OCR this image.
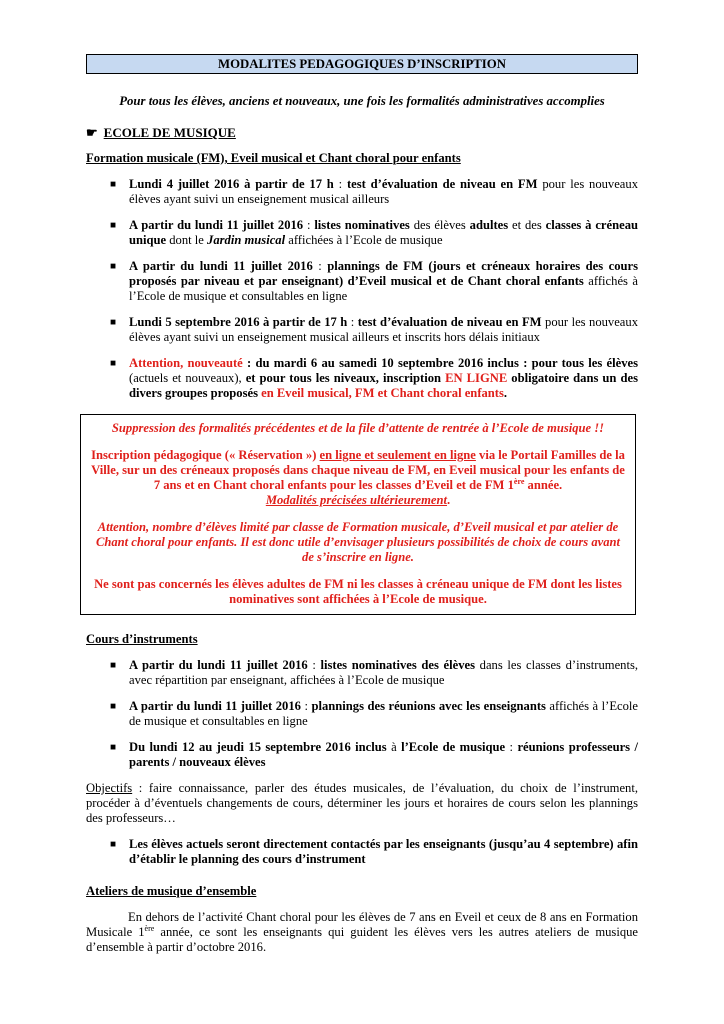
MODALITES PEDAGOGIQUES D’INSCRIPTION
Pour tous les élèves, anciens et nouveaux, une fois les formalités administratives accomplies
☛ ECOLE DE MUSIQUE
Formation musicale (FM), Eveil musical et Chant choral pour enfants
■ Lundi 4 juillet 2016 à partir de 17 h : test d’évaluation de niveau en FM pour les nouveaux élèves ayant suivi un enseignement musical ailleurs
■ A partir du lundi 11 juillet 2016 : listes nominatives des élèves adultes et des classes à créneau unique dont le Jardin musical affichées à l’Ecole de musique
■ A partir du lundi 11 juillet 2016 : plannings de FM (jours et créneaux horaires des cours proposés par niveau et par enseignant) d’Eveil musical et de Chant choral enfants affichés à l’Ecole de musique et consultables en ligne
■ Lundi 5 septembre 2016 à partir de 17 h : test d’évaluation de niveau en FM pour les nouveaux élèves ayant suivi un enseignement musical ailleurs et inscrits hors délais initiaux
■ Attention, nouveauté : du mardi 6 au samedi 10 septembre 2016 inclus : pour tous les élèves (actuels et nouveaux), et pour tous les niveaux, inscription EN LIGNE obligatoire dans un des divers groupes proposés en Eveil musical, FM et Chant choral enfants.

Suppression des formalités précédentes et de la file d’attente de rentrée à l’Ecole de musique !!

Inscription pédagogique (« Réservation ») en ligne et seulement en ligne via le Portail Familles de la Ville, sur un des créneaux proposés dans chaque niveau de FM, en Eveil musical pour les enfants de 7 ans et en Chant choral enfants pour les classes d’Eveil et de FM 1ère année.
Modalités précisées ultérieurement.

Attention, nombre d’élèves limité par classe de Formation musicale, d’Eveil musical et par atelier de Chant choral pour enfants. Il est donc utile d’envisager plusieurs possibilités de choix de cours avant de s’inscrire en ligne.

Ne sont pas concernés les élèves adultes de FM ni les classes à créneau unique de FM dont les listes nominatives sont affichées à l’Ecole de musique.

Cours d’instruments
■ A partir du lundi 11 juillet 2016 : listes nominatives des élèves dans les classes d’instruments, avec répartition par enseignant, affichées à l’Ecole de musique
■ A partir du lundi 11 juillet 2016 : plannings des réunions avec les enseignants affichés à l’Ecole de musique et consultables en ligne
■ Du lundi 12 au jeudi 15 septembre 2016 inclus à l’Ecole de musique : réunions professeurs / parents / nouveaux élèves
Objectifs : faire connaissance, parler des études musicales, de l’évaluation, du choix de l’instrument, procéder à d’éventuels changements de cours, déterminer les jours et horaires de cours selon les plannings des professeurs…
■ Les élèves actuels seront directement contactés par les enseignants (jusqu’au 4 septembre) afin d’établir le planning des cours d’instrument
Ateliers de musique d’ensemble
En dehors de l’activité Chant choral pour les élèves de 7 ans en Eveil et ceux de 8 ans en Formation Musicale 1ère année, ce sont les enseignants qui guident les élèves vers les autres ateliers de musique d’ensemble à partir d’octobre 2016.
